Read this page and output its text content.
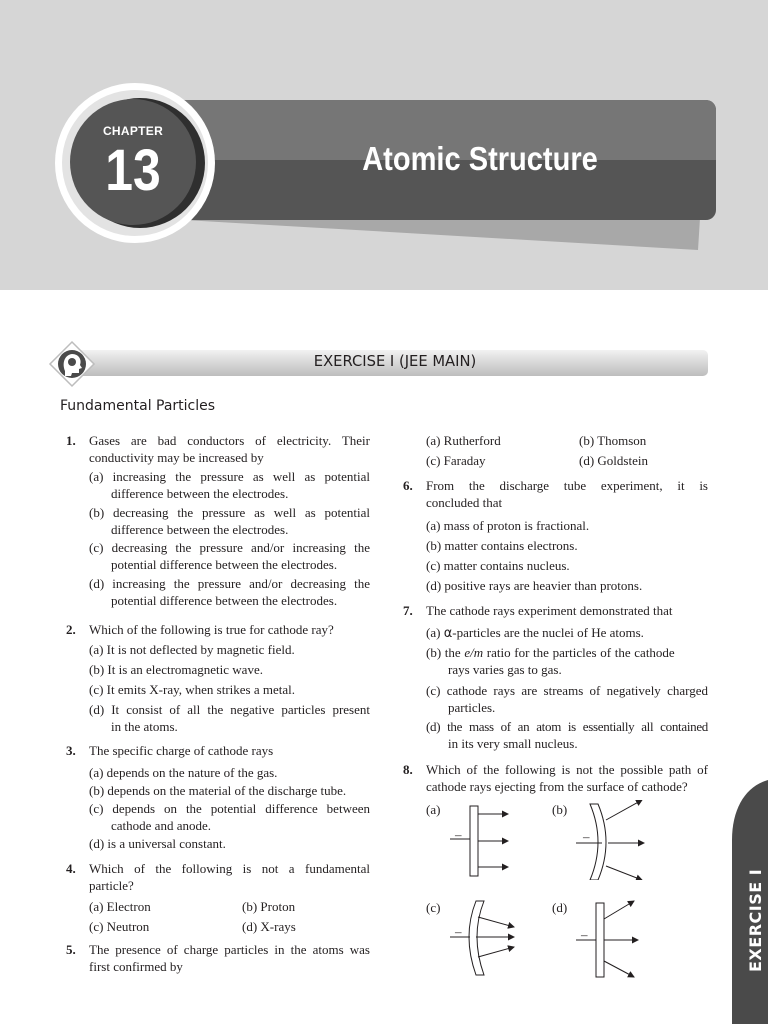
CHAPTER
13	Atomic Structure
EXERCISE I (JEE MAIN)
Fundamental Particles
1. Gases are bad conductors of electricity. Their
conductivity may be increased by
(a) increasing the pressure as well as potential
difference between the electrodes.
(b) decreasing the pressure as well as potential
difference between the electrodes.
(c) decreasing the pressure and/or increasing the
potential difference between the electrodes.
(d) increasing the pressure and/or decreasing the
potential difference between the electrodes.
2. Which of the following is true for cathode ray?
(a) It is not deflected by magnetic field.
(b) It is an electromagnetic wave.
(c) It emits X-ray, when strikes a metal.
(d) It consist of all the negative particles present
in the atoms.
3. The specific charge of cathode rays
(a) depends on the nature of the gas.
(b) depends on the material of the discharge tube.
(c) depends on the potential difference between
cathode and anode.
(d) is a universal constant.
4. Which of the following is not a fundamental
particle?
(a) Electron	(b) Proton
(c) Neutron	(d) X-rays
5. The presence of charge particles in the atoms was
first confirmed by
(a) Rutherford	(b) Thomson
(c) Faraday	(d) Goldstein
6. From the discharge tube experiment, it is
concluded that
(a) mass of proton is fractional.
(b) matter contains electrons.
(c) matter contains nucleus.
(d) positive rays are heavier than protons.
7. The cathode rays experiment demonstrated that
(a) α-particles are the nuclei of He atoms.
(b) the e/m ratio for the particles of the cathode
rays varies gas to gas.
(c) cathode rays are streams of negatively charged
particles.
(d) the mass of an atom is essentially all contained
in its very small nucleus.
8. Which of the following is not the possible path of
cathode rays ejecting from the surface of cathode?
(a)	(b)
(c)	(d)
–	–
–	–	EXERCISE I
